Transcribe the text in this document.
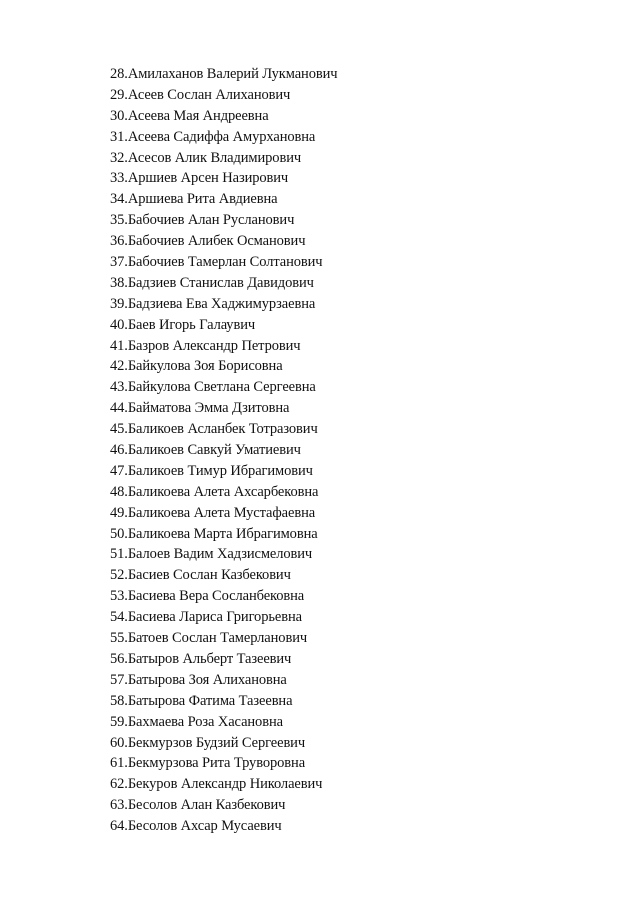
28.Амилаханов Валерий Лукманович
29.Асеев Сослан Алиханович
30.Асеева Мая Андреевна
31.Асеева Садиффа Амурхановна
32.Асесов Алик Владимирович
33.Аршиев Арсен Назирович
34.Аршиева Рита Авдиевна
35.Бабочиев Алан Русланович
36.Бабочиев Алибек Османович
37.Бабочиев Тамерлан Солтанович
38.Бадзиев Станислав Давидович
39.Бадзиева Ева Хаджимурзаевна
40.Баев Игорь Галаувич
41.Базров Александр Петрович
42.Байкулова Зоя Борисовна
43.Байкулова Светлана Сергеевна
44.Байматова Эмма Дзитовна
45.Баликоев Асланбек Тотразович
46.Баликоев Савкуй Уматиевич
47.Баликоев Тимур Ибрагимович
48.Баликоева Алета Ахсарбековна
49.Баликоева Алета Мустафаевна
50.Баликоева Марта Ибрагимовна
51.Балоев Вадим Хадзисмелович
52.Басиев Сослан Казбекович
53.Басиева Вера Сосланбековна
54.Басиева Лариса Григорьевна
55.Батоев Сослан Тамерланович
56.Батыров Альберт Тазеевич
57.Батырова Зоя Алихановна
58.Батырова Фатима Тазеевна
59.Бахмаева Роза Хасановна
60.Бекмурзов Будзий Сергеевич
61.Бекмурзова Рита Труворовна
62.Бекуров Александр Николаевич
63.Бесолов Алан Казбекович
64.Бесолов Ахсар Мусаевич
